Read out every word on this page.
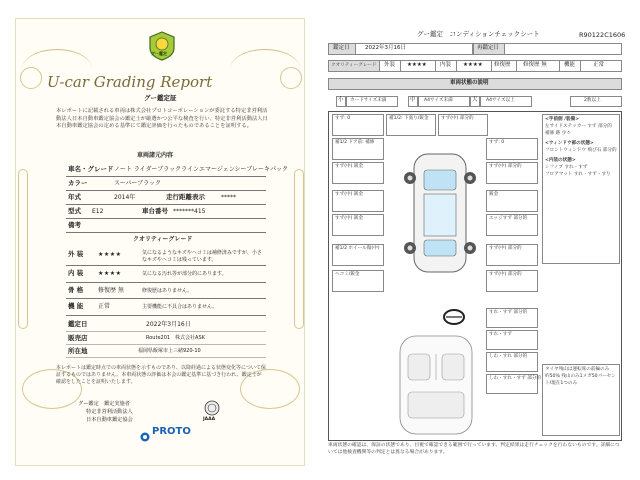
グー鑑定
U-car Grading Report
グー鑑定証
本レポートに記載される車両は株式会社プロトコーポレーションが委託する特定非営利活動法人日本自動車鑑定協会の鑑定士が厳選かつ公平な検査を行い、特定非営利活動法人日本自動車鑑定協会の定める基準にて鑑定評価を行ったものであることを証明する。
車両諸元内容
車名・グレード ノート ライダーブラックラインエマージェンシーブレーキパック
カラー	スーパーブラック
年式	2014年	走行距離表示	*****
型式 E12	車台番号 *******415
備考
クオリティーグレード
外 装 ★★★★	気になるようなキズやヘコミは補修済みですが、小さなキズやヘコミは残っています。
内 装 ★★★★	気になる汚れ等が部分的にあります。
骨 格 修復歴 無	修復歴はありません。
機 能 正常	主要機能に不具合はありません。
鑑定日	2022年3月16日
販売店	Route201　株式会社ASK
所在地	福岡県飯塚市上三緒920-10
本レポートは鑑定時点での車両状態を示すものであり、以降経過による状態変化等について保証するものではありません。本車両状態の評価は本会の鑑定基準に基づき行われ、鑑定士が確認をしたことを証明いたします。
グー鑑定　鑑定実施者
特定非営利活動法人
日本自動車鑑定協会	JAAA
PROTO
グー鑑定　コンディションチェックシート	R90122C1606
鑑定日	2022年3月16日	再鑑定日
クオリティーグレード 外装 ★★★★ 内装 ★★★★ 修復歴 修復歴 無	機能	正常
車両状態の説明
小 カードサイズ未満	中 A4サイズ未満	大 A4サイズ以上	2数以上
すず: 0
補1/2 ドア前: 補修
すず(中) 鈑金
すず(中) 鈑金
すず(中) 鈑金
補1/2 ホイール傷(中)
ヘコミ/鈑金
補1/2: 下張り/鈑金	すず(中) 部分的
すず: 0
すず(中) 部分的
鈑金
エッジすず 部分的
すず(中) 部分的
すず(中) 部分的
すれ・すず 部分的
すれ・すず
しわ・すれ 部分的
しわ・すれ・すず 部分的
<手前側 /装備>
左サイドステッカー すず 部分的
補修 跡 少々
<ウィンドウ部の状態>
フロントウィンドウ 飛び石 部分的
<内装の状態>
シフノブ すれ・すず
フロアマット すれ・すず・すり
タイヤ残山は運転席の前輪のみ
約50% 残山のみ1メガ50パーセン
ト/現在1つのみ
車両状態の確認は、保証の状態であり、目視で確認できる範囲で行っています。判定結果は走行チェックを行わないものです。詳細については他検査機関等の判定とは異なる場合があります。
